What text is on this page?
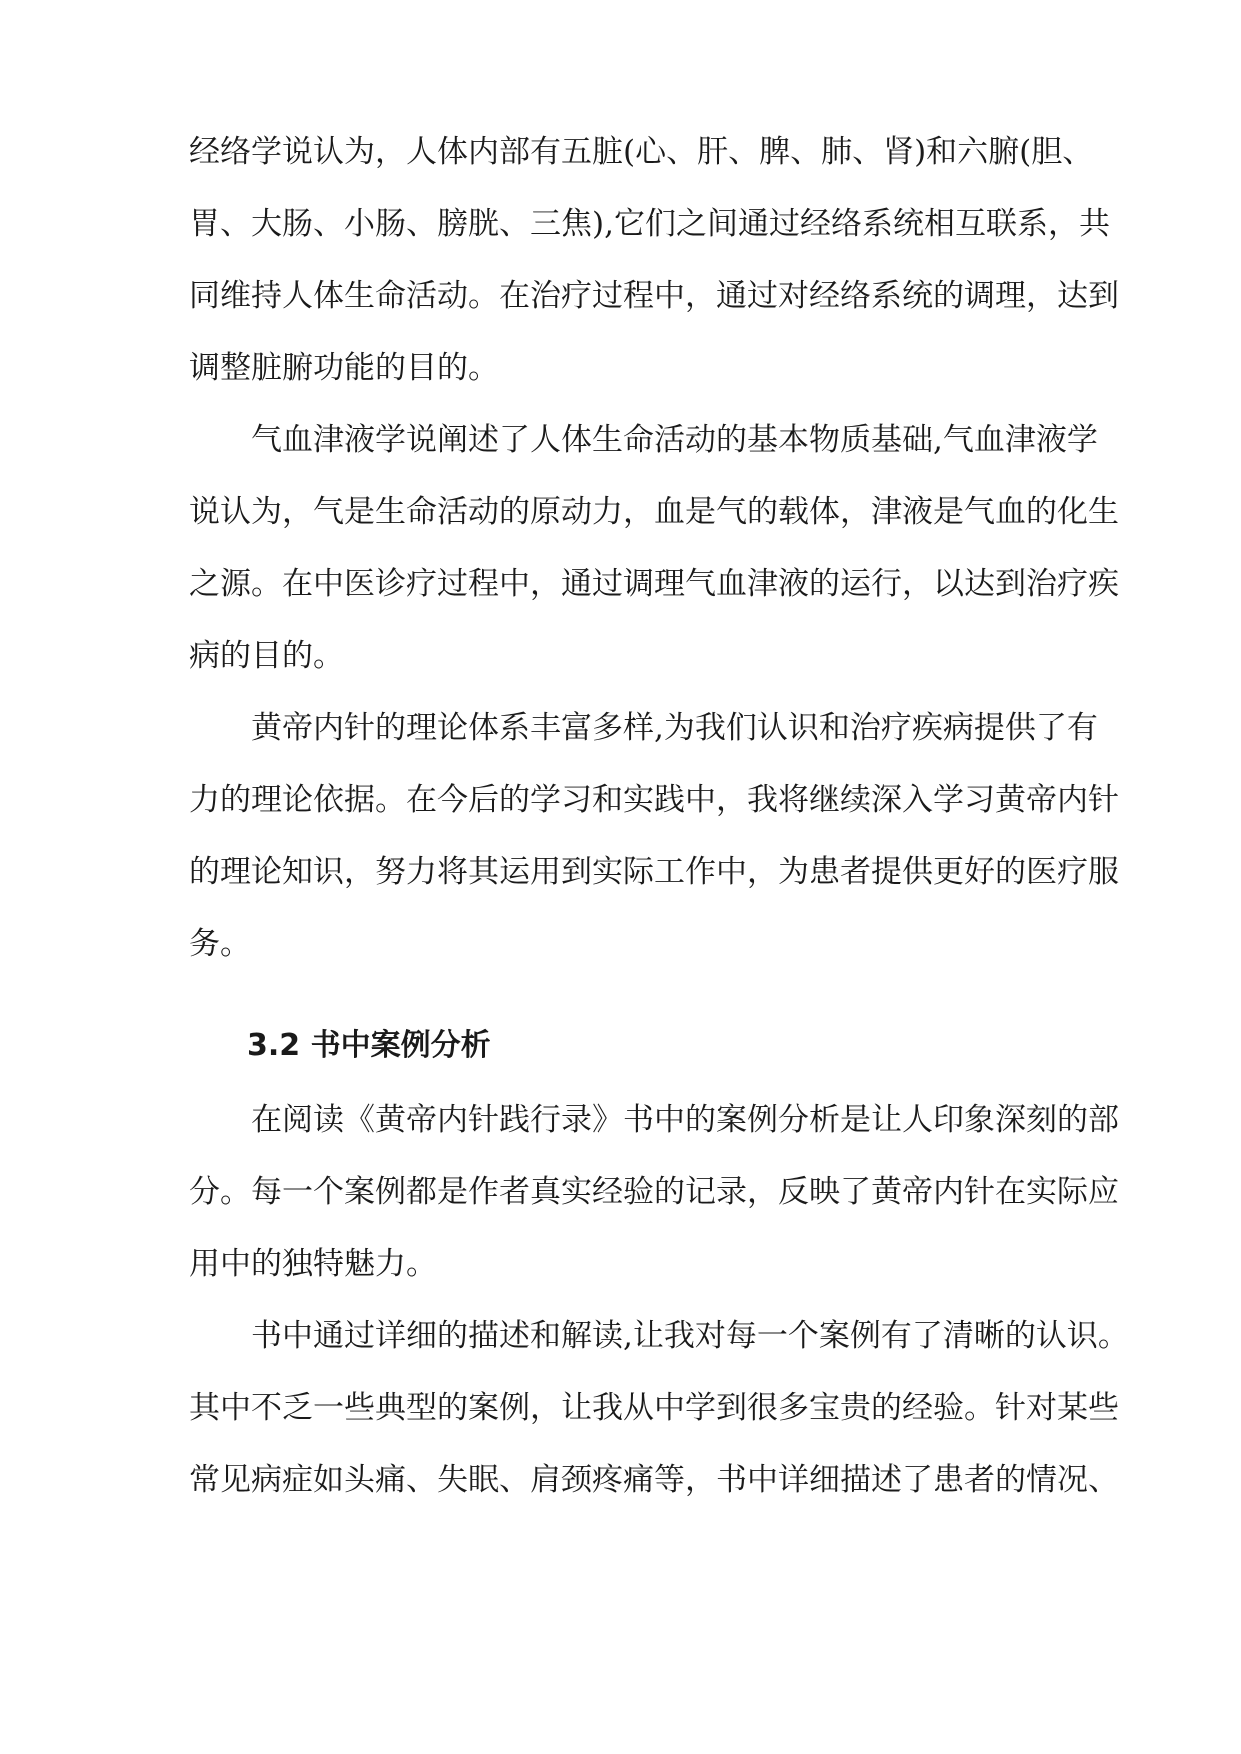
经络学说认为，人体内部有五脏(心、肝、脾、肺、肾)和六腑(胆、
胃、大肠、小肠、膀胱、三焦),它们之间通过经络系统相互联系，共
同维持人体生命活动。在治疗过程中，通过对经络系统的调理，达到
调整脏腑功能的目的。
　　气血津液学说阐述了人体生命活动的基本物质基础,气血津液学
说认为，气是生命活动的原动力，血是气的载体，津液是气血的化生
之源。在中医诊疗过程中，通过调理气血津液的运行，以达到治疗疾
病的目的。
　　黄帝内针的理论体系丰富多样,为我们认识和治疗疾病提供了有
力的理论依据。在今后的学习和实践中，我将继续深入学习黄帝内针
的理论知识，努力将其运用到实际工作中，为患者提供更好的医疗服
务。
3.2 书中案例分析
　　在阅读《黄帝内针践行录》书中的案例分析是让人印象深刻的部
分。每一个案例都是作者真实经验的记录，反映了黄帝内针在实际应
用中的独特魅力。
　　书中通过详细的描述和解读,让我对每一个案例有了清晰的认识。
其中不乏一些典型的案例，让我从中学到很多宝贵的经验。针对某些
常见病症如头痛、失眠、肩颈疼痛等，书中详细描述了患者的情况、
